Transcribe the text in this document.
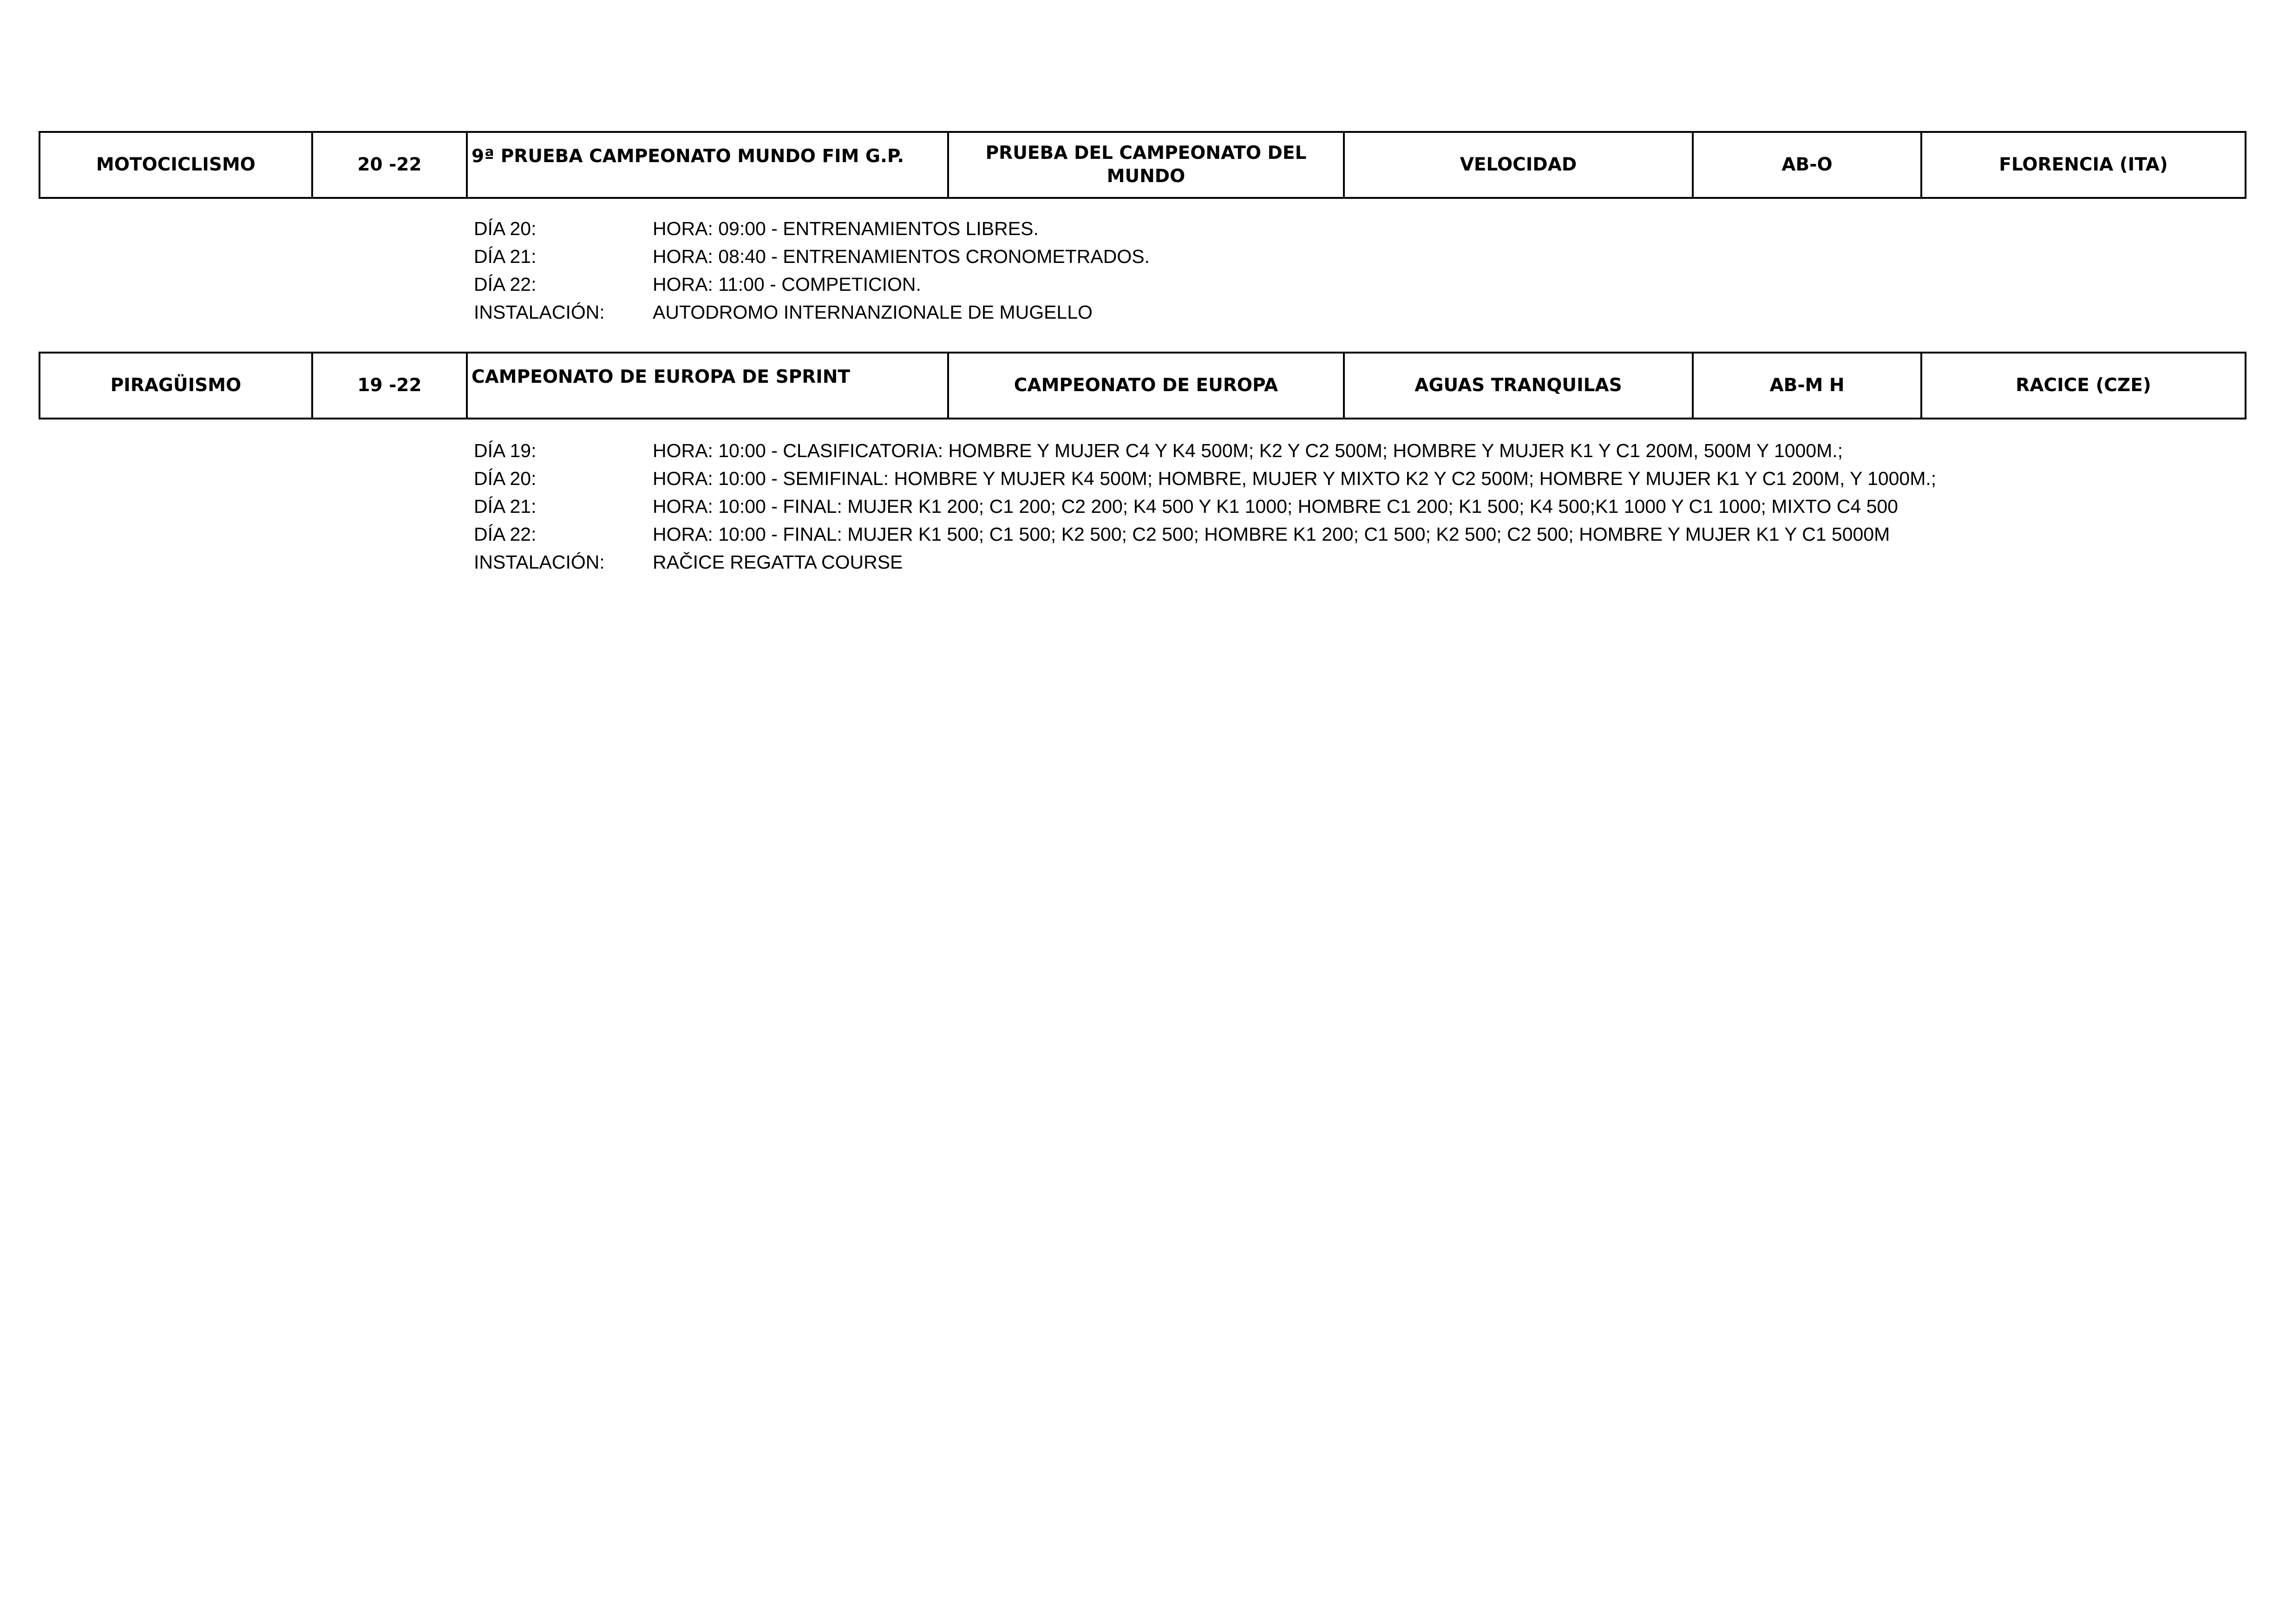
MOTOCICLISMO	20 -22	9ª PRUEBA CAMPEONATO MUNDO FIM G.P.	PRUEBA DEL CAMPEONATO DEL MUNDO	VELOCIDAD	AB-O	FLORENCIA (ITA)
DÍA 20:	HORA: 09:00 - ENTRENAMIENTOS LIBRES.
DÍA 21:	HORA: 08:40 - ENTRENAMIENTOS CRONOMETRADOS.
DÍA 22:	HORA: 11:00 - COMPETICION.
INSTALACIÓN:	AUTODROMO INTERNANZIONALE DE MUGELLO
PIRAGÜISMO	19 -22	CAMPEONATO DE EUROPA DE SPRINT	CAMPEONATO DE EUROPA	AGUAS TRANQUILAS	AB-M H	RACICE (CZE)
DÍA 19:	HORA: 10:00 - CLASIFICATORIA: HOMBRE Y MUJER C4 Y K4 500M; K2 Y C2 500M; HOMBRE Y MUJER K1 Y C1 200M, 500M Y 1000M.;
DÍA 20:	HORA: 10:00 - SEMIFINAL: HOMBRE Y MUJER K4 500M; HOMBRE, MUJER Y MIXTO K2 Y C2 500M; HOMBRE Y MUJER K1 Y C1 200M, Y 1000M.;
DÍA 21:	HORA: 10:00 - FINAL: MUJER K1 200; C1 200; C2 200; K4 500 Y K1 1000; HOMBRE C1 200; K1 500; K4 500;K1 1000 Y C1 1000; MIXTO C4 500
DÍA 22:	HORA: 10:00 - FINAL: MUJER K1 500; C1 500; K2 500; C2 500; HOMBRE K1 200; C1 500; K2 500; C2 500; HOMBRE Y MUJER K1 Y C1 5000M
INSTALACIÓN:	RAČICE REGATTA COURSE
